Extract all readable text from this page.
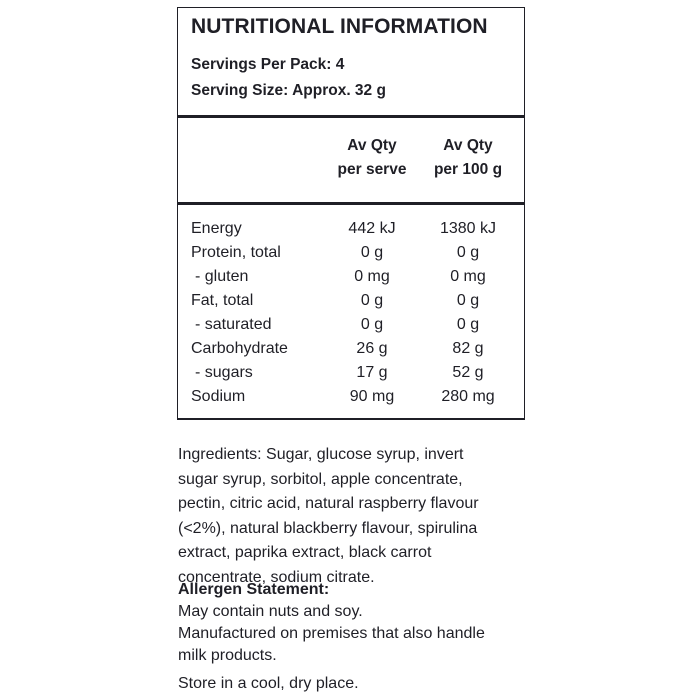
NUTRITIONAL INFORMATION
Servings Per Pack: 4
Serving Size: Approx. 32 g
Av Qty
per serve
Av Qty
per 100 g
Energy	442 kJ	1380 kJ
Protein, total	0 g	0 g
- gluten	0 mg	0 mg
Fat, total	0 g	0 g
- saturated	0 g	0 g
Carbohydrate	26 g	82 g
- sugars	17 g	52 g
Sodium	90 mg	280 mg
Ingredients: Sugar, glucose syrup, invert
sugar syrup, sorbitol, apple concentrate,
pectin, citric acid, natural raspberry flavour
(<2%), natural blackberry flavour, spirulina
extract, paprika extract, black carrot
concentrate, sodium citrate.
Allergen Statement:
May contain nuts and soy.
Manufactured on premises that also handle
milk products.
Store in a cool, dry place.
